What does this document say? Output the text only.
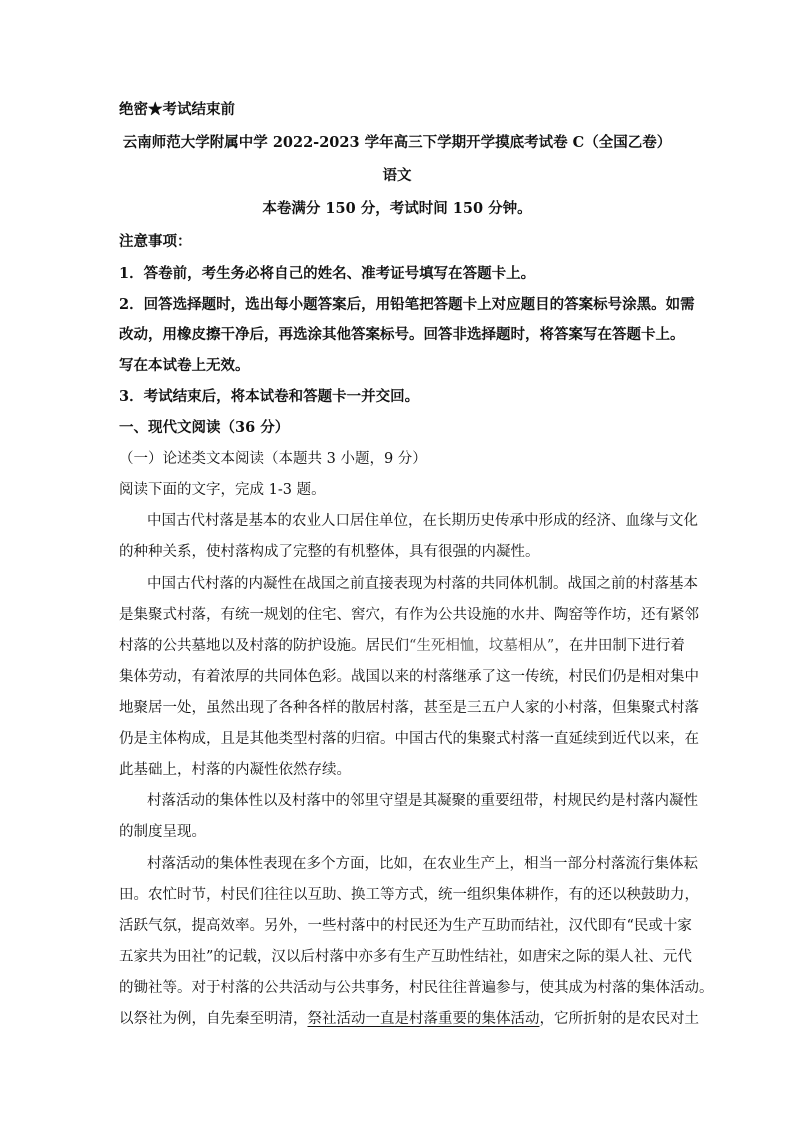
绝密★考试结束前
云南师范大学附属中学 2022-2023 学年高三下学期开学摸底考试卷 C（全国乙卷）
语文
本卷满分 150 分，考试时间 150 分钟。
注意事项：
1．答卷前，考生务必将自己的姓名、准考证号填写在答题卡上。
2．回答选择题时，选出每小题答案后，用铅笔把答题卡上对应题目的答案标号涂黑。如需
改动，用橡皮擦干净后，再选涂其他答案标号。回答非选择题时，将答案写在答题卡上。
写在本试卷上无效。
3．考试结束后，将本试卷和答题卡一并交回。
一、现代文阅读（36 分）
（一）论述类文本阅读（本题共 3 小题，9 分）
阅读下面的文字，完成 1-3 题。
中国古代村落是基本的农业人口居住单位，在长期历史传承中形成的经济、血缘与文化
的种种关系，使村落构成了完整的有机整体，具有很强的内凝性。
中国古代村落的内凝性在战国之前直接表现为村落的共同体机制。战国之前的村落基本
是集聚式村落，有统一规划的住宅、窖穴，有作为公共设施的水井、陶窑等作坊，还有紧邻
村落的公共墓地以及村落的防护设施。居民们“生死相恤，坟墓相从”，在井田制下进行着
集体劳动，有着浓厚的共同体色彩。战国以来的村落继承了这一传统，村民们仍是相对集中
地聚居一处，虽然出现了各种各样的散居村落，甚至是三五户人家的小村落，但集聚式村落
仍是主体构成，且是其他类型村落的归宿。中国古代的集聚式村落一直延续到近代以来，在
此基础上，村落的内凝性依然存续。
村落活动的集体性以及村落中的邻里守望是其凝聚的重要纽带，村规民约是村落内凝性
的制度呈现。
村落活动的集体性表现在多个方面，比如，在农业生产上，相当一部分村落流行集体耘
田。农忙时节，村民们往往以互助、换工等方式，统一组织集体耕作，有的还以秧鼓助力，
活跃气氛，提高效率。另外，一些村落中的村民还为生产互助而结社，汉代即有“民或十家
五家共为田社”的记载，汉以后村落中亦多有生产互助性结社，如唐宋之际的渠人社、元代
的锄社等。对于村落的公共活动与公共事务，村民往往普遍参与，使其成为村落的集体活动。
以祭社为例，自先秦至明清，祭社活动一直是村落重要的集体活动，它所折射的是农民对土
